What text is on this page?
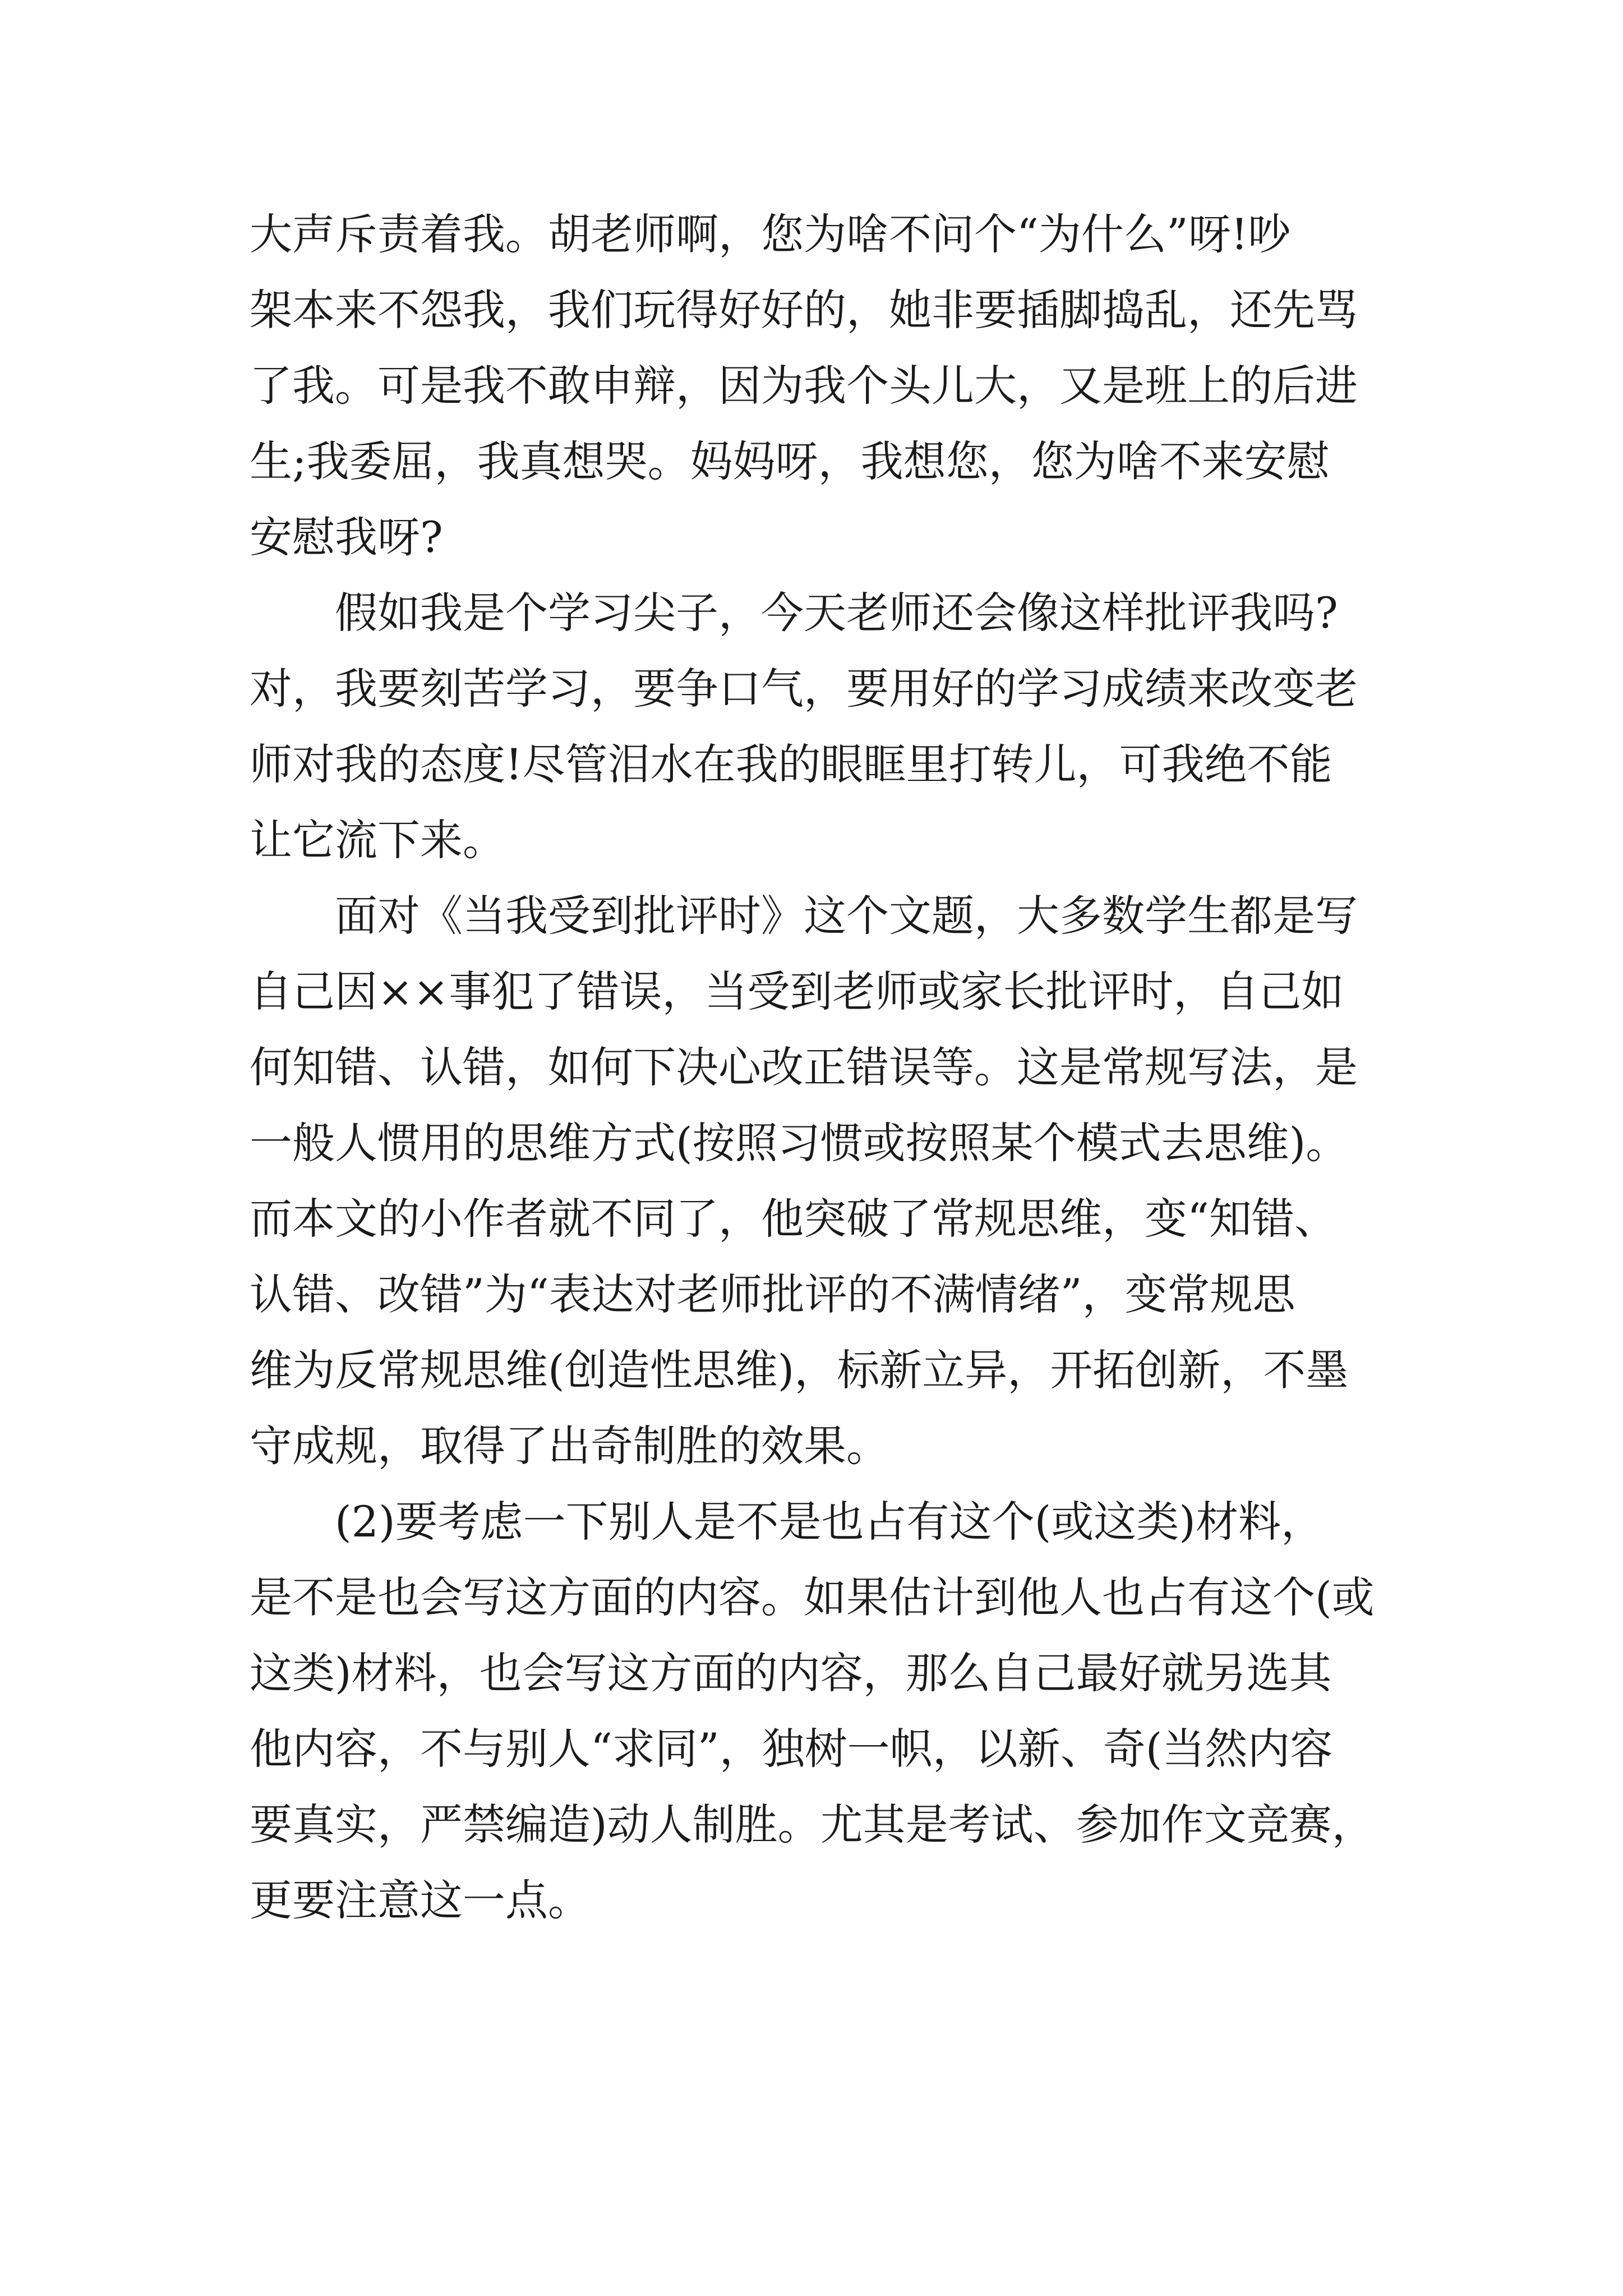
大声斥责着我。胡老师啊，您为啥不问个“为什么”呀!吵
架本来不怨我，我们玩得好好的，她非要插脚捣乱，还先骂
了我。可是我不敢申辩，因为我个头儿大，又是班上的后进
生;我委屈，我真想哭。妈妈呀，我想您，您为啥不来安慰
安慰我呀?
　　假如我是个学习尖子，今天老师还会像这样批评我吗?
对，我要刻苦学习，要争口气，要用好的学习成绩来改变老
师对我的态度!尽管泪水在我的眼眶里打转儿，可我绝不能
让它流下来。
　　面对《当我受到批评时》这个文题，大多数学生都是写
自己因××事犯了错误，当受到老师或家长批评时，自己如
何知错、认错，如何下决心改正错误等。这是常规写法，是
一般人惯用的思维方式(按照习惯或按照某个模式去思维)。
而本文的小作者就不同了，他突破了常规思维，变“知错、
认错、改错”为“表达对老师批评的不满情绪”，变常规思
维为反常规思维(创造性思维)，标新立异，开拓创新，不墨
守成规，取得了出奇制胜的效果。
　　(2)要考虑一下别人是不是也占有这个(或这类)材料，
是不是也会写这方面的内容。如果估计到他人也占有这个(或
这类)材料，也会写这方面的内容，那么自己最好就另选其
他内容，不与别人“求同”，独树一帜，以新、奇(当然内容
要真实，严禁编造)动人制胜。尤其是考试、参加作文竞赛，
更要注意这一点。
